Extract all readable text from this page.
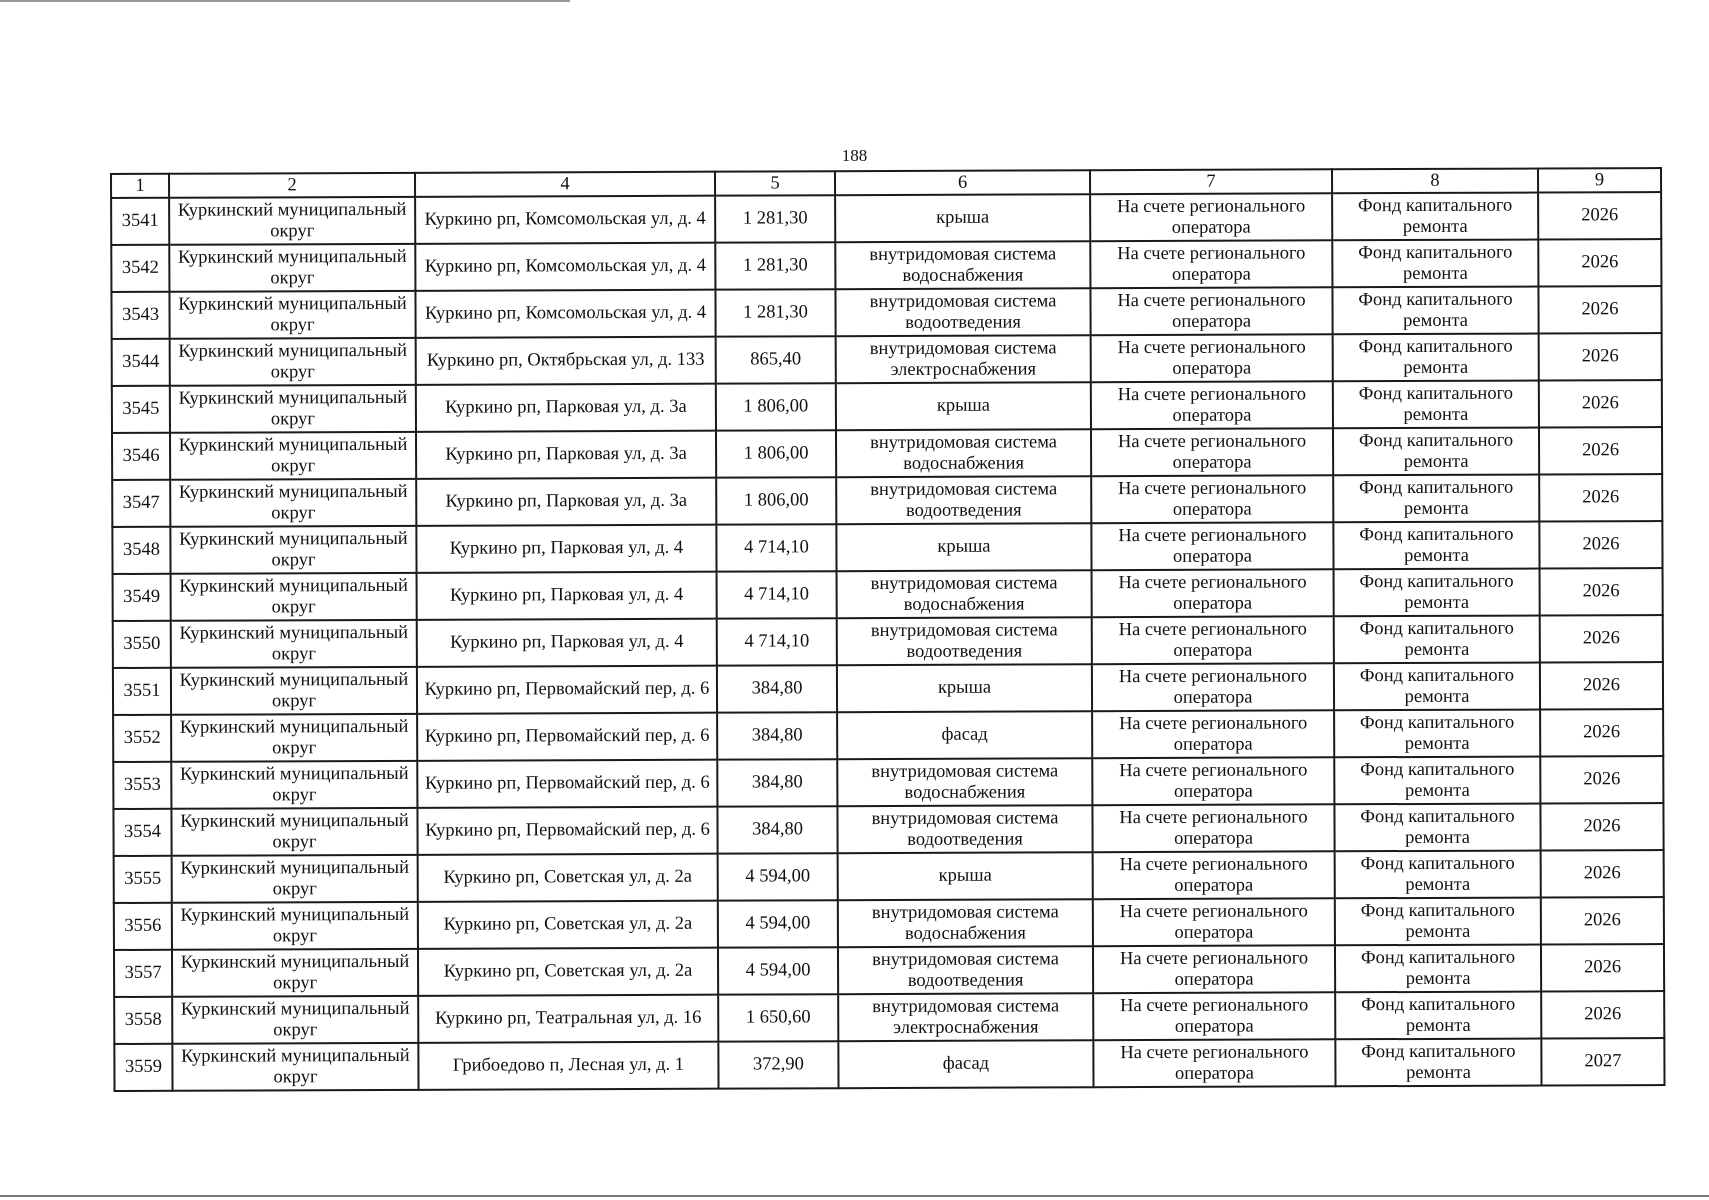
188
1	2	4	5	6	7	8	9
3541	Куркинский муниципальный округ	Куркино рп, Комсомольская ул, д. 4	1 281,30	крыша	На счете регионального оператора	Фонд капитального ремонта	2026
3542	Куркинский муниципальный округ	Куркино рп, Комсомольская ул, д. 4	1 281,30	внутридомовая система водоснабжения	На счете регионального оператора	Фонд капитального ремонта	2026
3543	Куркинский муниципальный округ	Куркино рп, Комсомольская ул, д. 4	1 281,30	внутридомовая система водоотведения	На счете регионального оператора	Фонд капитального ремонта	2026
3544	Куркинский муниципальный округ	Куркино рп, Октябрьская ул, д. 133	865,40	внутридомовая система электроснабжения	На счете регионального оператора	Фонд капитального ремонта	2026
3545	Куркинский муниципальный округ	Куркино рп, Парковая ул, д. 3а	1 806,00	крыша	На счете регионального оператора	Фонд капитального ремонта	2026
3546	Куркинский муниципальный округ	Куркино рп, Парковая ул, д. 3а	1 806,00	внутридомовая система водоснабжения	На счете регионального оператора	Фонд капитального ремонта	2026
3547	Куркинский муниципальный округ	Куркино рп, Парковая ул, д. 3а	1 806,00	внутридомовая система водоотведения	На счете регионального оператора	Фонд капитального ремонта	2026
3548	Куркинский муниципальный округ	Куркино рп, Парковая ул, д. 4	4 714,10	крыша	На счете регионального оператора	Фонд капитального ремонта	2026
3549	Куркинский муниципальный округ	Куркино рп, Парковая ул, д. 4	4 714,10	внутридомовая система водоснабжения	На счете регионального оператора	Фонд капитального ремонта	2026
3550	Куркинский муниципальный округ	Куркино рп, Парковая ул, д. 4	4 714,10	внутридомовая система водоотведения	На счете регионального оператора	Фонд капитального ремонта	2026
3551	Куркинский муниципальный округ	Куркино рп, Первомайский пер, д. 6	384,80	крыша	На счете регионального оператора	Фонд капитального ремонта	2026
3552	Куркинский муниципальный округ	Куркино рп, Первомайский пер, д. 6	384,80	фасад	На счете регионального оператора	Фонд капитального ремонта	2026
3553	Куркинский муниципальный округ	Куркино рп, Первомайский пер, д. 6	384,80	внутридомовая система водоснабжения	На счете регионального оператора	Фонд капитального ремонта	2026
3554	Куркинский муниципальный округ	Куркино рп, Первомайский пер, д. 6	384,80	внутридомовая система водоотведения	На счете регионального оператора	Фонд капитального ремонта	2026
3555	Куркинский муниципальный округ	Куркино рп, Советская ул, д. 2а	4 594,00	крыша	На счете регионального оператора	Фонд капитального ремонта	2026
3556	Куркинский муниципальный округ	Куркино рп, Советская ул, д. 2а	4 594,00	внутридомовая система водоснабжения	На счете регионального оператора	Фонд капитального ремонта	2026
3557	Куркинский муниципальный округ	Куркино рп, Советская ул, д. 2а	4 594,00	внутридомовая система водоотведения	На счете регионального оператора	Фонд капитального ремонта	2026
3558	Куркинский муниципальный округ	Куркино рп, Театральная ул, д. 16	1 650,60	внутридомовая система электроснабжения	На счете регионального оператора	Фонд капитального ремонта	2026
3559	Куркинский муниципальный округ	Грибоедово п, Лесная ул, д. 1	372,90	фасад	На счете регионального оператора	Фонд капитального ремонта	2027
